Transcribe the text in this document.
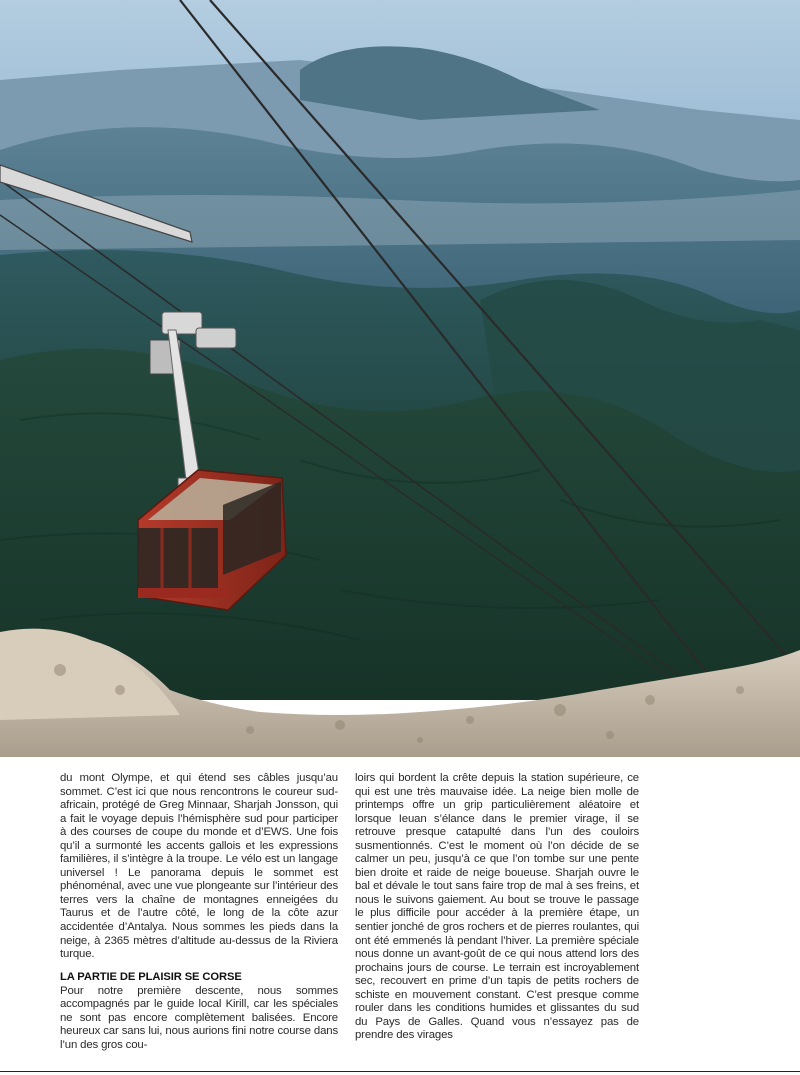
du mont Olympe, et qui étend ses câbles jusqu’au sommet. C’est ici que nous rencontrons le coureur sud-africain, protégé de Greg Minnaar, Sharjah Jonsson, qui a fait le voyage depuis l’hémisphère sud pour participer à des courses de coupe du monde et d’EWS. Une fois qu’il a surmonté les accents gallois et les expressions familières, il s’intègre à la troupe. Le vélo est un langage universel ! Le panorama depuis le sommet est phénoménal, avec une vue plongeante sur l’intérieur des terres vers la chaîne de montagnes enneigées du Taurus et de l’autre côté, le long de la côte azur accidentée d’Antalya. Nous sommes les pieds dans la neige, à 2365 mètres d’altitude au-dessus de la Riviera turque.

LA PARTIE DE PLAISIR SE CORSE

Pour notre première descente, nous sommes accompagnés par le guide local Kirill, car les spéciales ne sont pas encore complètement balisées. Encore heureux car sans lui, nous aurions fini notre course dans l’un des gros cou-

loirs qui bordent la crête depuis la station supérieure, ce qui est une très mauvaise idée. La neige bien molle de printemps offre un grip particulièrement aléatoire et lorsque Ieuan s’élance dans le premier virage, il se retrouve presque catapulté dans l’un des couloirs susmentionnés. C’est le moment où l’on décide de se calmer un peu, jusqu’à ce que l’on tombe sur une pente bien droite et raide de neige boueuse. Sharjah ouvre le bal et dévale le tout sans faire trop de mal à ses freins, et nous le suivons gaiement. Au bout se trouve le passage le plus difficile pour accéder à la première étape, un sentier jonché de gros rochers et de pierres roulantes, qui ont été emmenés là pendant l’hiver. La première spéciale nous donne un avant-goût de ce qui nous attend lors des prochains jours de course. Le terrain est incroyablement sec, recouvert en prime d’un tapis de petits rochers de schiste en mouvement constant. C’est presque comme rouler dans les conditions humides et glissantes du sud du Pays de Galles. Quand vous n’essayez pas de prendre des virages
